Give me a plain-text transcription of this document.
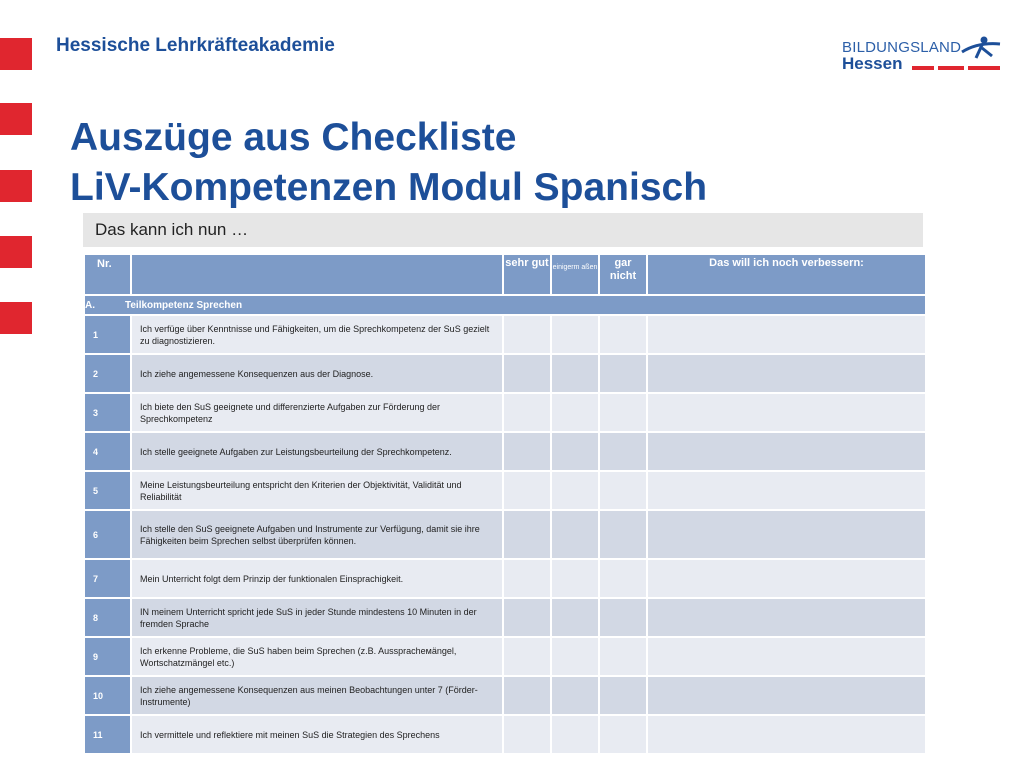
Hessische Lehrkräfteakademie	BILDUNGSLAND
Hessen
Auszüge aus Checkliste
LiV-Kompetenzen Modul Spanisch
Das kann ich nun …
Nr.		sehr gut	einigerm aßen	gar nicht	Das will ich noch verbessern:
A. Teilkompetenz Sprechen					
1	Ich verfüge über Kenntnisse und Fähigkeiten, um die Sprechkompetenz der SuS gezielt zu diagnostizieren.				
2	Ich ziehe angemessene Konsequenzen aus der Diagnose.				
3	Ich biete den SuS geeignete und differenzierte Aufgaben zur Förderung der Sprechkompetenz				
4	Ich stelle geeignete Aufgaben zur Leistungsbeurteilung der Sprechkompetenz.				
5	Meine Leistungsbeurteilung entspricht den Kriterien der Objektivität, Validität und Reliabilität				
6	Ich stelle den SuS geeignete Aufgaben und Instrumente zur Verfügung, damit sie ihre Fähigkeiten beim Sprechen selbst überprüfen können.				
7	Mein Unterricht folgt dem Prinzip der funktionalen Einsprachigkeit.				
8	IN meinem Unterricht spricht jede SuS in jeder Stunde mindestens 10 Minuten in der fremden Sprache				
9	Ich erkenne Probleme, die SuS haben beim Sprechen (z.B. Ausspracheмängel, Wortschatzmängel etc.)				
10	Ich ziehe angemessene Konsequenzen aus meinen Beobachtungen unter 7 (Förder-Instrumente)				
11	Ich vermittele und reflektiere mit meinen SuS die Strategien des Sprechens				
